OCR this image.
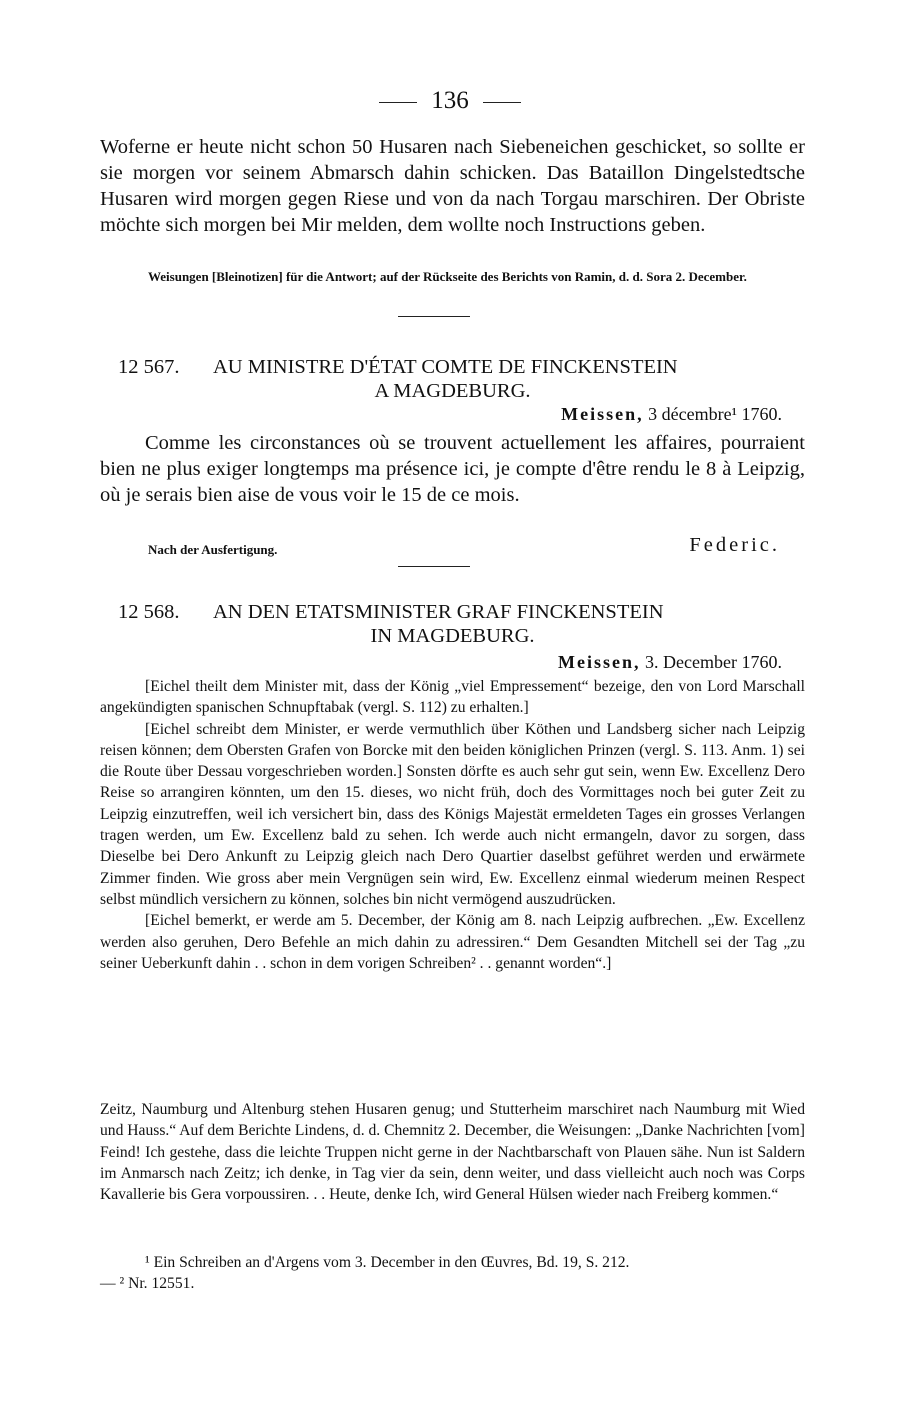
136

Woferne er heute nicht schon 50 Husaren nach Siebeneichen geschicket, so sollte er sie morgen vor seinem Abmarsch dahin schicken. Das Bataillon Dingelstedtsche Husaren wird morgen gegen Riese und von da nach Torgau marschiren. Der Obriste möchte sich morgen bei Mir melden, dem wollte noch Instructions geben.

Weisungen [Bleinotizen] für die Antwort; auf der Rückseite des Berichts von Ramin, d. d. Sora 2. December.
12 567. AU MINISTRE D'ÉTAT COMTE DE FINCKENSTEIN
A MAGDEBURG.
Meissen, 3 décembre¹ 1760.

Comme les circonstances où se trouvent actuellement les affaires, pourraient bien ne plus exiger longtemps ma présence ici, je compte d'être rendu le 8 à Leipzig, où je serais bien aise de vous voir le 15 de ce mois.

Nach der Ausfertigung.	Federic.
12 568. AN DEN ETATSMINISTER GRAF FINCKENSTEIN
IN MAGDEBURG.
Meissen, 3. December 1760.

[Eichel theilt dem Minister mit, dass der König „viel Empressement“ bezeige, den von Lord Marschall angekündigten spanischen Schnupftabak (vergl. S. 112) zu erhalten.]

[Eichel schreibt dem Minister, er werde vermuthlich über Köthen und Landsberg sicher nach Leipzig reisen können; dem Obersten Grafen von Borcke mit den beiden königlichen Prinzen (vergl. S. 113. Anm. 1) sei die Route über Dessau vorgeschrieben worden.] Sonsten dörfte es auch sehr gut sein, wenn Ew. Excellenz Dero Reise so arrangiren könnten, um den 15. dieses, wo nicht früh, doch des Vormittages noch bei guter Zeit zu Leipzig einzutreffen, weil ich versichert bin, dass des Königs Majestät ermeldeten Tages ein grosses Verlangen tragen werden, um Ew. Excellenz bald zu sehen. Ich werde auch nicht ermangeln, davor zu sorgen, dass Dieselbe bei Dero Ankunft zu Leipzig gleich nach Dero Quartier daselbst geführet werden und erwärmete Zimmer finden. Wie gross aber mein Vergnügen sein wird, Ew. Excellenz einmal wiederum meinen Respect selbst mündlich versichern zu können, solches bin nicht vermögend auszudrücken.

[Eichel bemerkt, er werde am 5. December, der König am 8. nach Leipzig aufbrechen. „Ew. Excellenz werden also geruhen, Dero Befehle an mich dahin zu adressiren.“ Dem Gesandten Mitchell sei der Tag „zu seiner Ueberkunft dahin . . schon in dem vorigen Schreiben² . . genannt worden“.]

Zeitz, Naumburg und Altenburg stehen Husaren genug; und Stutterheim marschiret nach Naumburg mit Wied und Hauss.“ Auf dem Berichte Lindens, d. d. Chemnitz 2. December, die Weisungen: „Danke Nachrichten [vom] Feind! Ich gestehe, dass die leichte Truppen nicht gerne in der Nachtbarschaft von Plauen sähe. Nun ist Saldern im Anmarsch nach Zeitz; ich denke, in Tag vier da sein, denn weiter, und dass vielleicht auch noch was Corps Kavallerie bis Gera vorpoussiren. . . Heute, denke Ich, wird General Hülsen wieder nach Freiberg kommen.“

¹ Ein Schreiben an d'Argens vom 3. December in den Œuvres, Bd. 19, S. 212.

— ² Nr. 12551.
